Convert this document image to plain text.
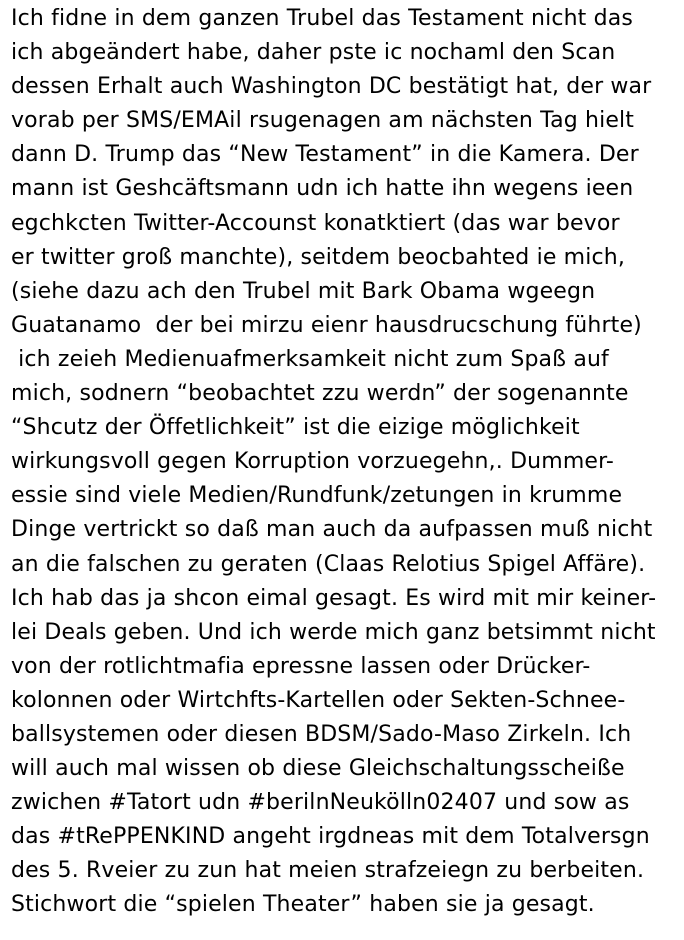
Ich fidne in dem ganzen Trubel das Testament nicht das
ich abgeändert habe, daher pste ic nochaml den Scan
dessen Erhalt auch Washington DC bestätigt hat, der war
vorab per SMS/EMAil rsugenagen am nächsten Tag hielt
dann D. Trump das “New Testament” in die Kamera. Der
mann ist Geshcäftsmann udn ich hatte ihn wegens ieen
egchkcten Twitter-Accounst konatktiert (das war bevor
er twitter groß manchte), seitdem beocbahted ie mich,
(siehe dazu ach den Trubel mit Bark Obama wgeegn
Guatanamo  der bei mirzu eienr hausdrucschung führte)
ich zeieh Medienuafmerksamkeit nicht zum Spaß auf
mich, sodnern “beobachtet zzu werdn” der sogenannte
“Shcutz der Öffetlichkeit” ist die eizige möglichkeit
wirkungsvoll gegen Korruption vorzuegehn,. Dummer-
essie sind viele Medien/Rundfunk/zetungen in krumme
Dinge vertrickt so daß man auch da aufpassen muß nicht
an die falschen zu geraten (Claas Relotius Spigel Affäre).
Ich hab das ja shcon eimal gesagt. Es wird mit mir keiner-
lei Deals geben. Und ich werde mich ganz betsimmt nicht
von der rotlichtmafia epressne lassen oder Drücker-
kolonnen oder Wirtchfts-Kartellen oder Sekten-Schnee-
ballsystemen oder diesen BDSM/Sado-Maso Zirkeln. Ich
will auch mal wissen ob diese Gleichschaltungsscheiße
zwichen #Tatort udn #berilnNeukölln02407 und sow as
das #tRePPENKIND angeht irgdneas mit dem Totalversgn
des 5. Rveier zu zun hat meien strafzeiegn zu berbeiten.
Stichwort die “spielen Theater” haben sie ja gesagt.
